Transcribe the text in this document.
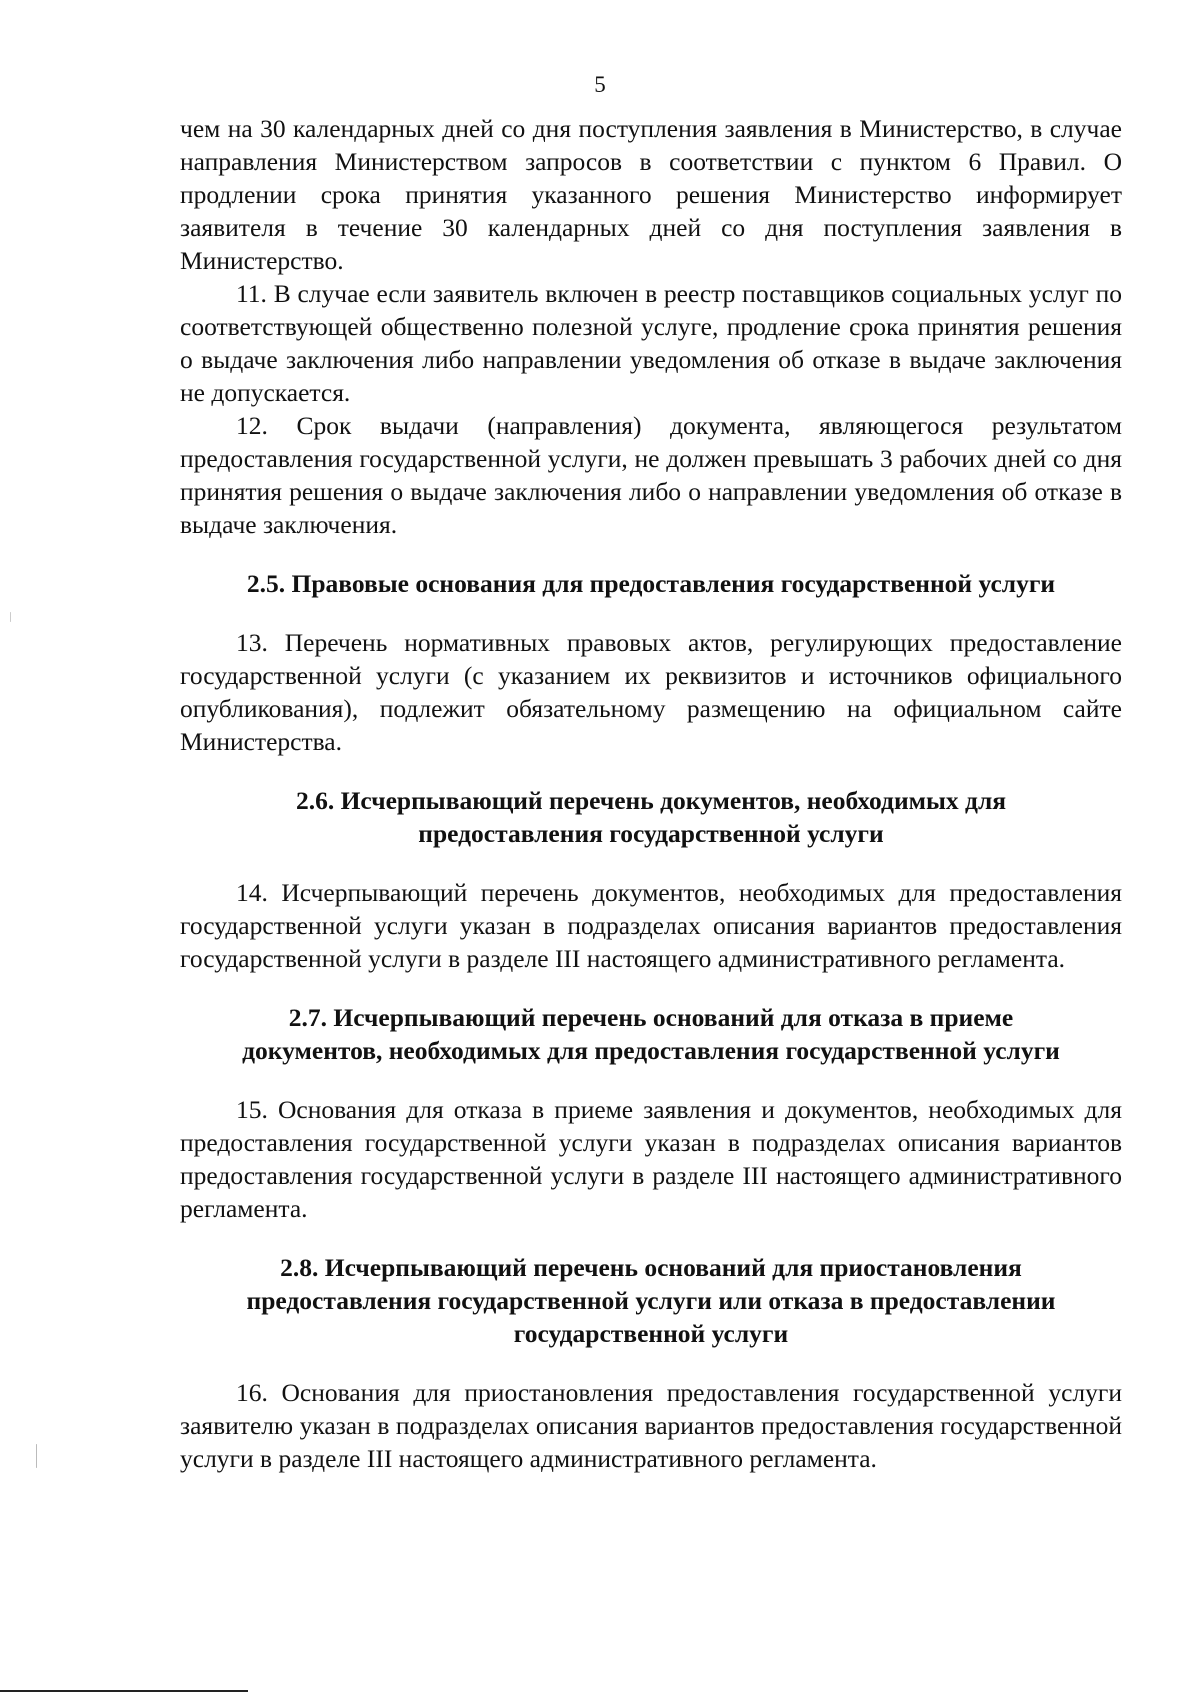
5

чем на 30 календарных дней со дня поступления заявления в Министерство, в случае направления Министерством запросов в соответствии с пунктом 6 Правил. О продлении срока принятия указанного решения Министерство информирует заявителя в течение 30 календарных дней со дня поступления заявления в Министерство.

11. В случае если заявитель включен в реестр поставщиков социальных услуг по соответствующей общественно полезной услуге, продление срока принятия решения о выдаче заключения либо направлении уведомления об отказе в выдаче заключения не допускается.

12. Срок выдачи (направления) документа, являющегося результатом предоставления государственной услуги, не должен превышать 3 рабочих дней со дня принятия решения о выдаче заключения либо о направлении уведомления об отказе в выдаче заключения.

2.5. Правовые основания для предоставления государственной услуги

13. Перечень нормативных правовых актов, регулирующих предоставление государственной услуги (с указанием их реквизитов и источников официального опубликования), подлежит обязательному размещению на официальном сайте Министерства.

2.6. Исчерпывающий перечень документов, необходимых для
предоставления государственной услуги

14. Исчерпывающий перечень документов, необходимых для предоставления государственной услуги указан в подразделах описания вариантов предоставления государственной услуги в разделе III настоящего административного регламента.

2.7. Исчерпывающий перечень оснований для отказа в приеме
документов, необходимых для предоставления государственной услуги

15. Основания для отказа в приеме заявления и документов, необходимых для предоставления государственной услуги указан в подразделах описания вариантов предоставления государственной услуги в разделе III настоящего административного регламента.

2.8. Исчерпывающий перечень оснований для приостановления
предоставления государственной услуги или отказа в предоставлении
государственной услуги

16. Основания для приостановления предоставления государственной услуги заявителю указан в подразделах описания вариантов предоставления государственной услуги в разделе III настоящего административного регламента.
